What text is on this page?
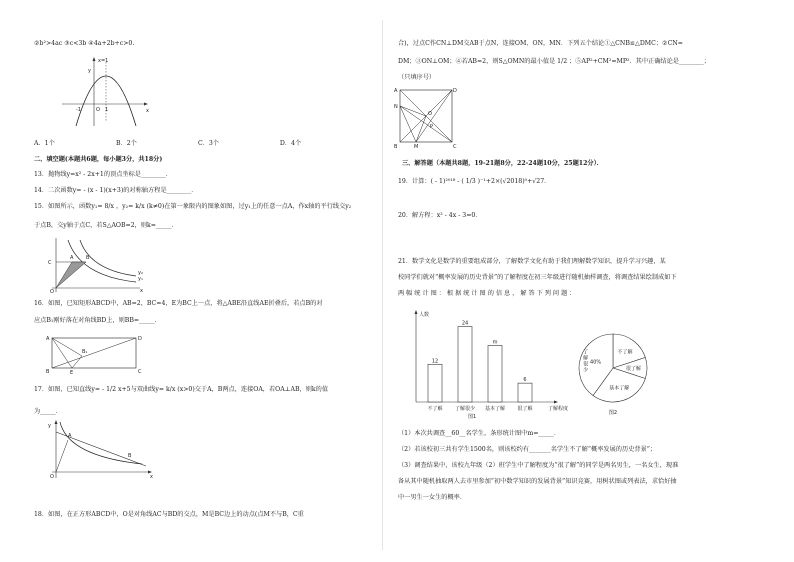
②b²>4ac ③c<3b ④4a+2b+c>0.
x=1
y
x
O
-1	1
A．1个	B．2个	C．3个	D．4个
二、填空题(本题共6题，每小题3分，共18分)
13．抛物线y=x² - 2x+1的顶点坐标是________．
14．二次函数y= - (x - 1)(x+3)的对称轴方程是________．
15．如图所示，函数y₁= 8/x ，y₂= k/x (k≠0)在第一象限内的图象如图，过y₁上的任意一点A，作x轴的平行线交y₂
于点B，交y轴于点C，若S△AOB=2，则k=_____．
C
A	B
O
y₁
y₂
x
16．如图，已知矩形ABCD中，AB=2，BC=4，E为BC上一点，将△ABE沿直线AE折叠后，若点B的对
应点B₁刚好落在对角线BD上，则BB=_____．
A	D
B	C
E
B₁
17．如图，已知直线y= - 1/2 x+5与双曲线y= k/x (x>0)交于A，B两点，连接OA，若OA⊥AB，则k的值
为_____．
A
B
O	x
y
18．如图，在正方形ABCD中，O是对角线AC与BD的交点，M是BC边上的动点(点M不与B，C重
合)，过点C作CN⊥DM交AB于点N，连接OM、ON，MN．下列五个结论①△CNB≌△DMC；②CN=
DM；③ON⊥OM；④若AB=2，则S△OMN的最小值是 1/2 ；⑤AP²+CM²=MP²．其中正确结论是________；
（只填序号）
A	D
B	C
N
M
O
P
三、解答题（本题共8题，19-21题8分，22-24题10分，25题12分）．
19．计算：( - 1)²⁰¹⁸ - ( 1/3 )⁻¹+2×(√2018)⁰+√27．
20．解方程：x² - 4x - 3=0．
21．数学文化是数学的重要组成部分，了解数学文化有助于我们理解数学知识，提升学习兴趣，某
校同学们就对“概率发展的历史背景”的了解程度在初三年级进行随机抽样调查，将调查结果绘制成如下
两 幅 统 计 图 ： 根 据 统 计 图 的 信 息 ， 解 答 下 列 问 题 ：
人数
了解程度
图1
12
不了解
24
了解很少
m
基本了解
6
很了解
不了解
很了解
基本了解
了
解
很
少
40%
图2
（1）本次共调查__60__名学生，条形统计图中m=_____．
（2）若该校初三共有学生1500名，则该校约有_______名学生不了解“概率发展的历史背景”；
（3）调查结果中，该校九年级（2）班学生中了解程度为“很了解”的同学是两名男生，一名女生，现准
备从其中随机抽取两人去市里参加“初中数学知识的发展背景”知识竞赛，用树状图或列表法，求恰好抽
中一男生一女生的概率．
